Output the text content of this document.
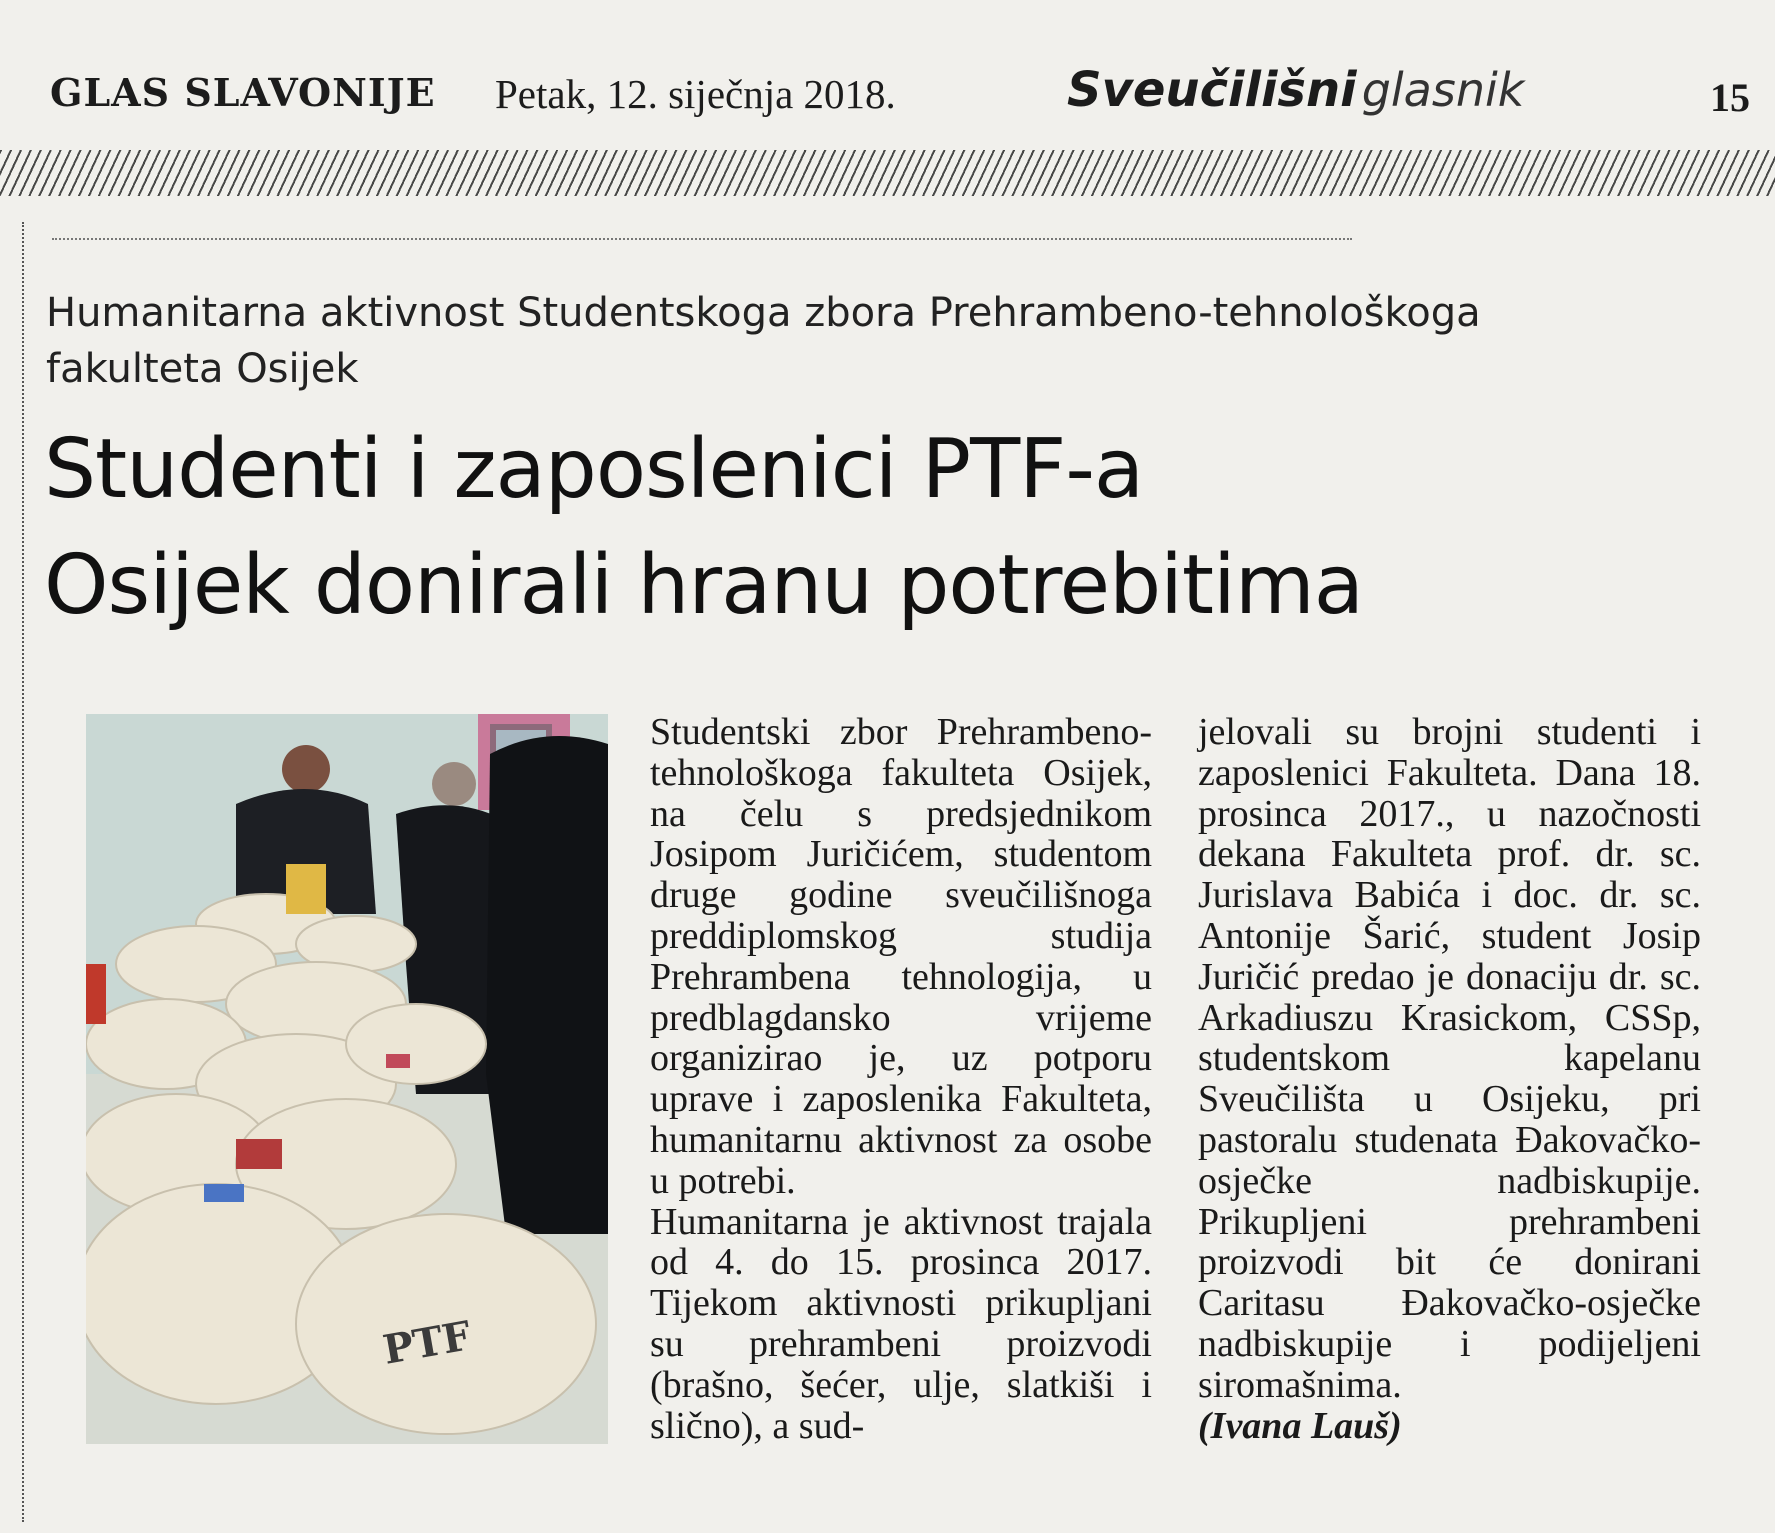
GLAS SLAVONIJE Petak, 12. siječnja 2018.	Sveučilišni glasnik	15
Humanitarna aktivnost Studentskoga zbora Prehrambeno-tehnološkoga fakulteta Osijek
Studenti i zaposlenici PTF-a
Osijek donirali hranu potrebitima
PTF

Studentski zbor Prehrambeno-tehnološkoga fakulteta Osijek, na čelu s predsjednikom Josipom Juričićem, studentom druge godine sveučilišnoga preddiplomskog studija Prehrambena tehnologija, u predblagdansko vrijeme organizirao je, uz potporu uprave i zaposlenika Fakulteta, humanitarnu aktivnost za osobe u potrebi.

Humanitarna je aktivnost trajala od 4. do 15. prosinca 2017. Tijekom aktivnosti prikupljani su prehrambeni proizvodi (brašno, šećer, ulje, slatkiši i slično), a sud-

jelovali su brojni studenti i zaposlenici Fakulteta. Dana 18. prosinca 2017., u nazočnosti dekana Fakulteta prof. dr. sc. Jurislava Babića i doc. dr. sc. Antonije Šarić, student Josip Juričić predao je donaciju dr. sc. Arkadiuszu Krasickom, CSSp, studentskom kapelanu Sveučilišta u Osijeku, pri pastoralu studenata Đakovačko-osječke nadbiskupije. Prikupljeni prehrambeni proizvodi bit će donirani Caritasu Đakovačko-osječke nadbiskupije i podijeljeni siromašnima.

(Ivana Lauš)
